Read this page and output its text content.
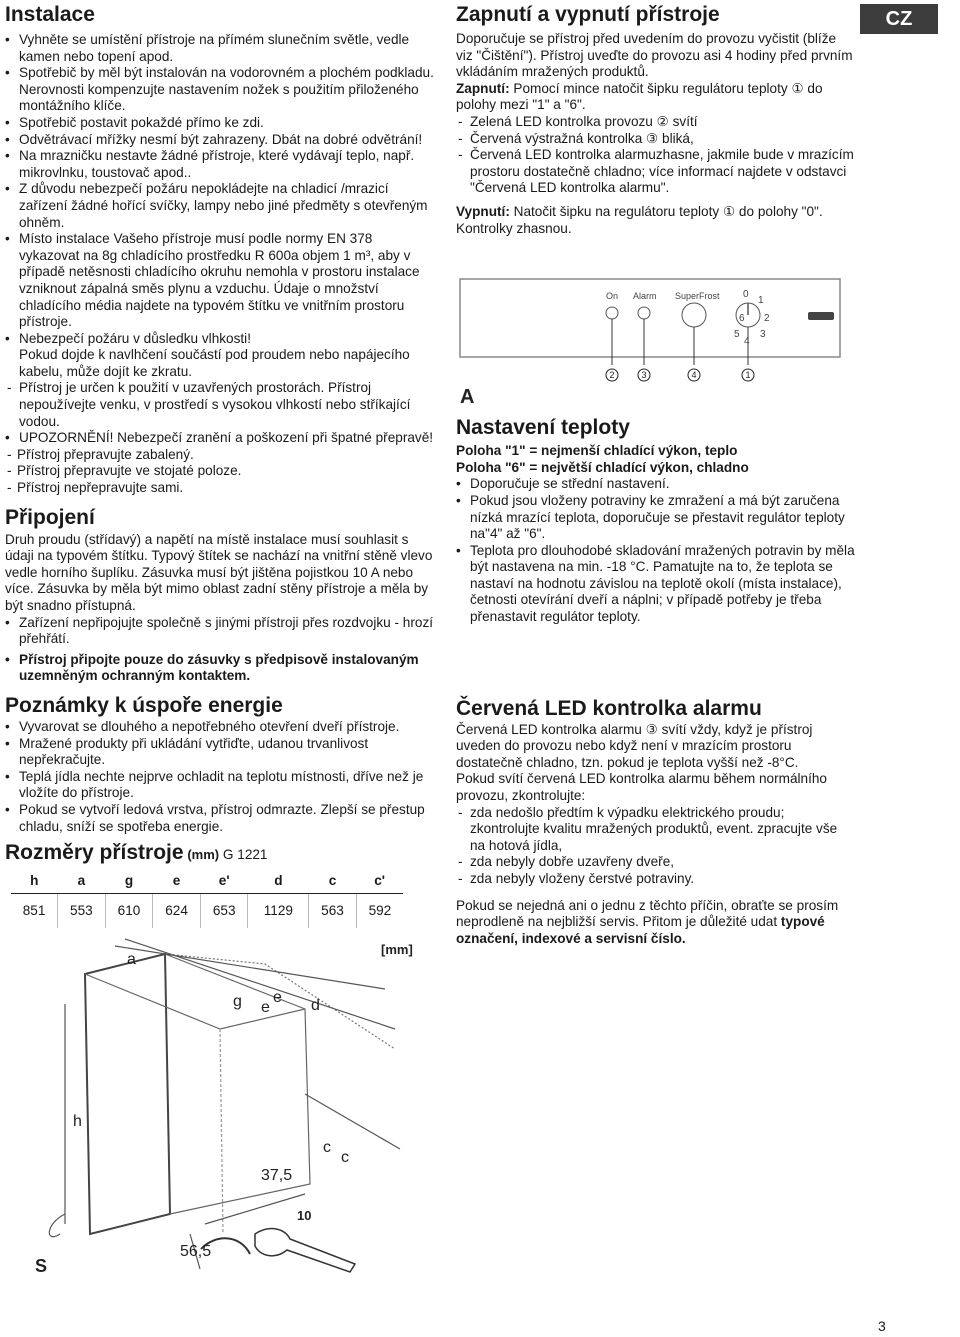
CZ
Instalace
• Vyhněte se umístění přístroje na přímém slunečním světle, vedle kamen nebo topení apod.
• Spotřebič by měl být instalován na vodorovném a plochém podkladu. Nerovnosti kompenzujte nastavením nožek s použitím přiloženého montážního klíče.
• Spotřebič postavit pokaždé přímo ke zdi.
• Odvětrávací mřížky nesmí být zahrazeny. Dbát na dobré odvětrání!
• Na mrazničku nestavte žádné přístroje, které vydávají teplo, např. mikrovlnku, toustovač apod..
• Z důvodu nebezpečí požáru nepokládejte na chladicí /mrazicí zařízení žádné hořící svíčky, lampy nebo jiné předměty s otevřeným ohněm.
• Místo instalace Vašeho přístroje musí podle normy EN 378 vykazovat na 8g chladícího prostředku R 600a objem 1 m³, aby v případě netěsnosti chladícího okruhu nemohla v prostoru instalace vzniknout zápalná směs plynu a vzduchu. Údaje o množství chladícího média najdete na typovém štítku ve vnitřním prostoru přístroje.
• Nebezpečí požáru v důsledku vlhkosti!
Pokud dojde k navlhčení součástí pod proudem nebo napájecího kabelu, může dojít ke zkratu.
- Přístroj je určen k použití v uzavřených prostorách. Přístroj nepoužívejte venku, v prostředí s vysokou vlhkostí nebo stříkající vodou.
• UPOZORNĚNÍ! Nebezpečí zranění a poškození při špatné přepravě!
- Přístroj přepravujte zabalený.
- Přístroj přepravujte ve stojaté poloze.
- Přístroj nepřepravujte sami.
Připojení

Druh proudu (střídavý) a napětí na místě instalace musí souhlasit s údaji na typovém štítku. Typový štítek se nachází na vnitřní stěně vlevo vedle horního šuplíku. Zásuvka musí být jištěna pojistkou 10 A nebo více. Zásuvka by měla být mimo oblast zadní stěny přístroje a měla by být snadno přístupná.

• Zařízení nepřipojujte společně s jinými přístroji přes rozdvojku - hrozí přehřátí.
• Přístroj připojte pouze do zásuvky s předpisově instalovaným uzemněným ochranným kontaktem.
Poznámky k úspoře energie
• Vyvarovat se dlouhého a nepotřebného otevření dveří přístroje.
• Mražené produkty při ukládání vytřiďte, udanou trvanlivost nepřekračujte.
• Teplá jídla nechte nejprve ochladit na teplotu místnosti, dříve než je vložíte do přístroje.
• Pokud se vytvoří ledová vrstva, přístroj odmrazte. Zlepší se přestup chladu, sníží se spotřeba energie.
Rozměry přístroje (mm) G 1221
h	a	g	e	e'	d	c	c'
851	553	610	624	653	1129	563	592
[mm]
a
g e
e d
h
c
c
37,5
10
56,5
S
Zapnutí a vypnutí přístroje

Doporučuje se přístroj před uvedením do provozu vyčistit (blíže viz "Čištění"). Přístroj uveďte do provozu asi 4 hodiny před prvním vkládáním mražených produktů.

Zapnutí: Pomocí mince natočit šipku regulátoru teploty ① do polohy mezi "1" a "6".

- Zelená LED kontrolka provozu ② svítí
- Červená výstražná kontrolka ③ bliká,
- Červená LED kontrolka alarmuzhasne, jakmile bude v mrazícím prostoru dostatečně chladno; více informací najdete v odstavci "Červená LED kontrolka alarmu".

Vypnutí: Natočit šipku na regulátoru teploty ① do polohy "0". Kontrolky zhasnou.

On Alarm SuperFrost 0
1
2
3
4
5
6
2	3	4	1
A
Nastavení teploty

Poloha "1" = nejmenší chladící výkon, teplo

Poloha "6" = největší chladící výkon, chladno

• Doporučuje se střední nastavení.
• Pokud jsou vloženy potraviny ke zmražení a má být zaručena nízká mrazící teplota, doporučuje se přestavit regulátor teploty na"4" až "6".
• Teplota pro dlouhodobé skladování mražených potravin by měla být nastavena na min. -18 °C. Pamatujte na to, že teplota se nastaví na hodnotu závislou na teplotě okolí (místa instalace), četnosti otevírání dveří a náplni; v případě potřeby je třeba přenastavit regulátor teploty.
Červená LED kontrolka alarmu

Červená LED kontrolka alarmu ③ svítí vždy, když je přístroj uveden do provozu nebo když není v mrazícím prostoru dostatečně chladno, tzn. pokud je teplota vyšší než -8°C.

Pokud svítí červená LED kontrolka alarmu během normálního provozu, zkontrolujte:

- zda nedošlo předtím k výpadku elektrického proudu; zkontrolujte kvalitu mražených produktů, event. zpracujte vše na hotová jídla,
- zda nebyly dobře uzavřeny dveře,
- zda nebyly vloženy čerstvé potraviny.

Pokud se nejedná ani o jednu z těchto příčin, obraťte se prosím neprodleně na nejbližší servis. Přitom je důležité udat typové označení, indexové a servisní číslo.

3
